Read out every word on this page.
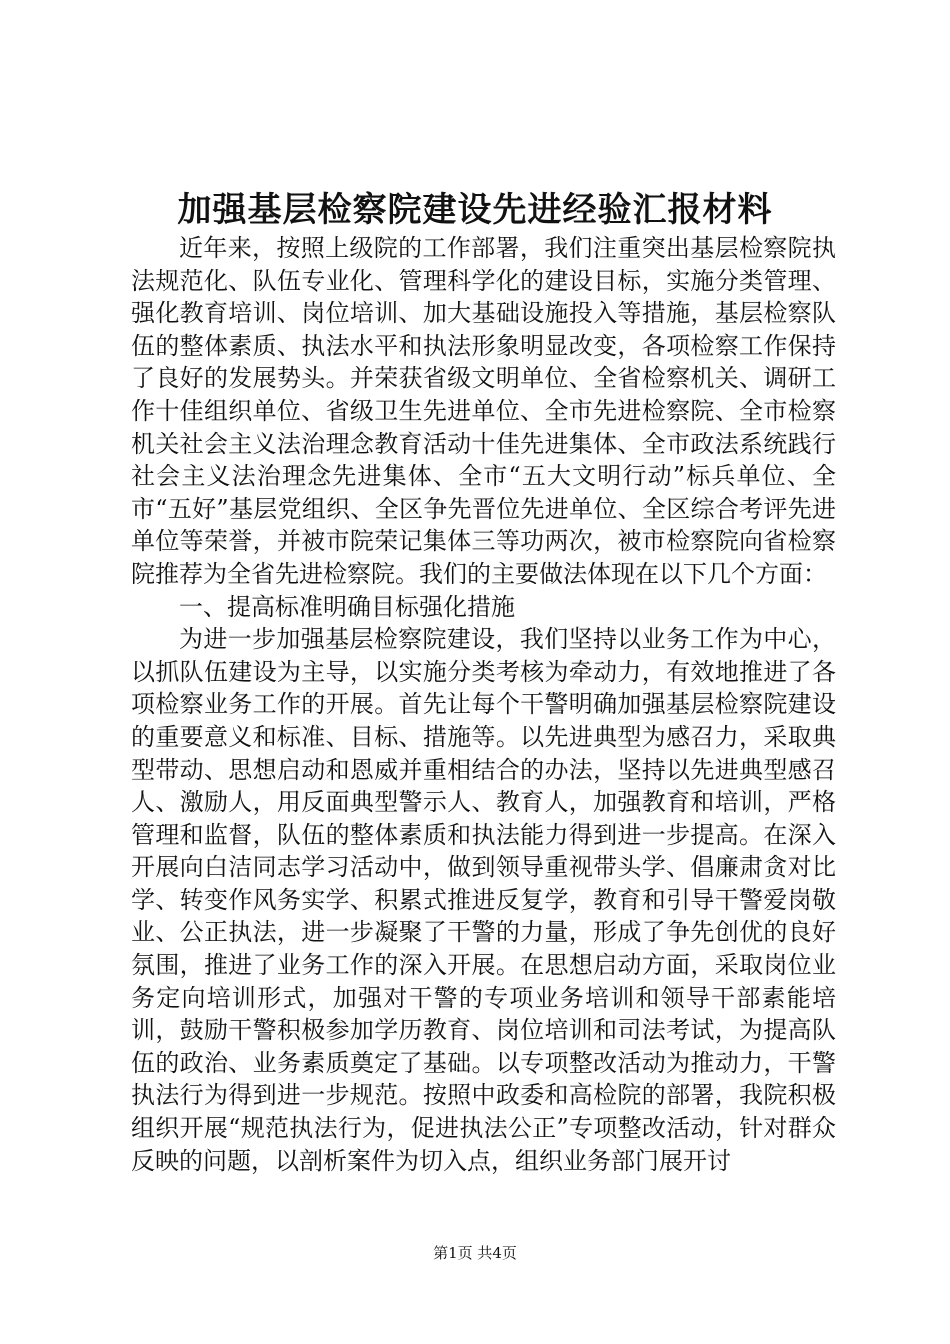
加强基层检察院建设先进经验汇报材料

近年来，按照上级院的工作部署，我们注重突出基层检察院执法规范化、队伍专业化、管理科学化的建设目标，实施分类管理、强化教育培训、岗位培训、加大基础设施投入等措施，基层检察队伍的整体素质、执法水平和执法形象明显改变，各项检察工作保持了良好的发展势头。并荣获省级文明单位、全省检察机关、调研工作十佳组织单位、省级卫生先进单位、全市先进检察院、全市检察机关社会主义法治理念教育活动十佳先进集体、全市政法系统践行社会主义法治理念先进集体、全市“五大文明行动”标兵单位、全市“五好”基层党组织、全区争先晋位先进单位、全区综合考评先进单位等荣誉，并被市院荣记集体三等功两次，被市检察院向省检察院推荐为全省先进检察院。我们的主要做法体现在以下几个方面：

一、提高标准明确目标强化措施

为进一步加强基层检察院建设，我们坚持以业务工作为中心，以抓队伍建设为主导，以实施分类考核为牵动力，有效地推进了各项检察业务工作的开展。首先让每个干警明确加强基层检察院建设的重要意义和标准、目标、措施等。以先进典型为感召力，采取典型带动、思想启动和恩威并重相结合的办法，坚持以先进典型感召人、激励人，用反面典型警示人、教育人，加强教育和培训，严格管理和监督，队伍的整体素质和执法能力得到进一步提高。在深入开展向白洁同志学习活动中，做到领导重视带头学、倡廉肃贪对比学、转变作风务实学、积累式推进反复学，教育和引导干警爱岗敬业、公正执法，进一步凝聚了干警的力量，形成了争先创优的良好氛围，推进了业务工作的深入开展。在思想启动方面，采取岗位业务定向培训形式，加强对干警的专项业务培训和领导干部素能培训，鼓励干警积极参加学历教育、岗位培训和司法考试，为提高队伍的政治、业务素质奠定了基础。以专项整改活动为推动力，干警执法行为得到进一步规范。按照中政委和高检院的部署，我院积极组织开展“规范执法行为，促进执法公正”专项整改活动，针对群众反映的问题，以剖析案件为切入点，组织业务部门展开讨

第1页 共4页
